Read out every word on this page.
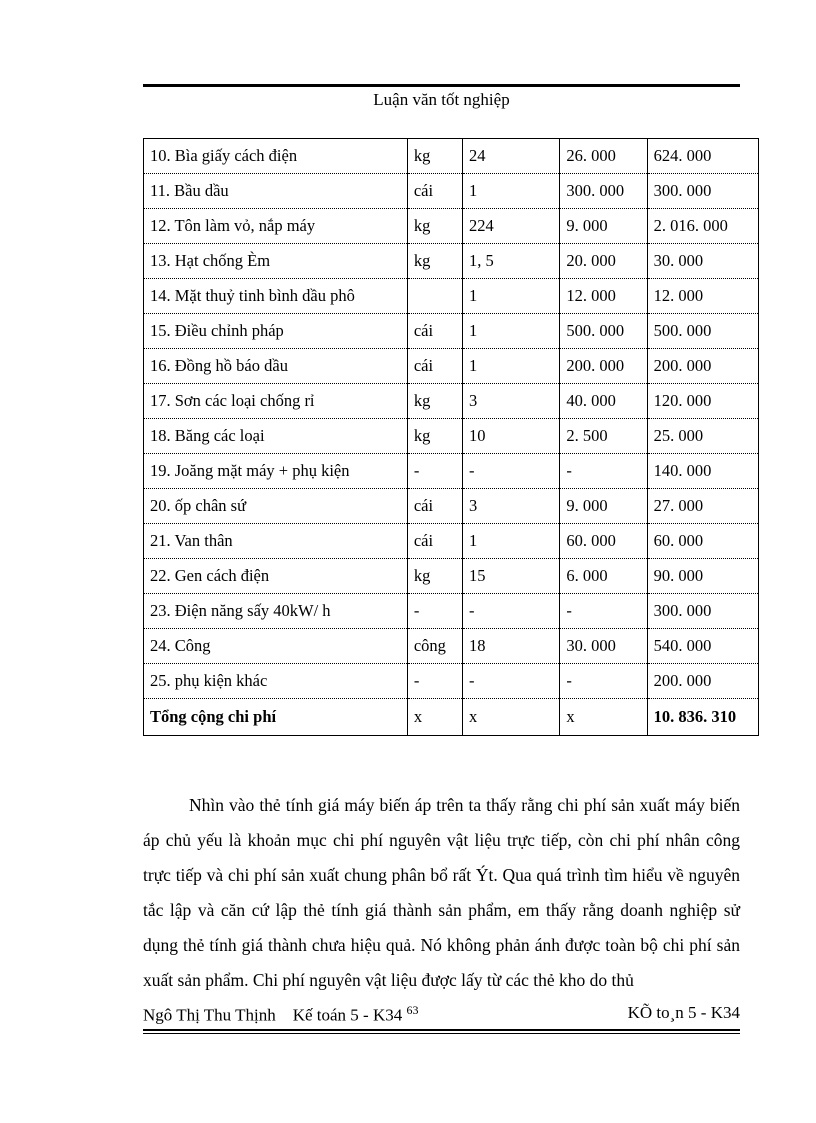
Luận văn tốt nghiệp
10. Bìa giấy cách điện	kg	24	26. 000	624. 000
11. Bầu dầu	cái	1	300. 000	300. 000
12. Tôn làm vỏ, nắp máy	kg	224	9. 000	2. 016. 000
13. Hạt chống Èm	kg	1, 5	20. 000	30. 000
14. Mặt thuỷ tinh bình dầu phô		1	12. 000	12. 000
15. Điều chỉnh pháp	cái	1	500. 000	500. 000
16. Đồng hồ báo dầu	cái	1	200. 000	200. 000
17. Sơn các loại chống rỉ	kg	3	40. 000	120. 000
18. Băng các loại	kg	10	2. 500	25. 000
19. Joăng mặt máy + phụ kiện	-	-	-	140. 000
20. ốp chân sứ	cái	3	9. 000	27. 000
21. Van thân	cái	1	60. 000	60. 000
22. Gen cách điện	kg	15	6. 000	90. 000
23. Điện năng sấy 40kW/ h	-	-	-	300. 000
24. Công	công	18	30. 000	540. 000
25. phụ kiện khác	-	-	-	200. 000
Tổng cộng chi phí	x	x	x	10. 836. 310

Nhìn vào thẻ tính giá máy biến áp trên ta thấy rằng chi phí sản xuất máy biến áp chủ yếu là khoản mục chi phí nguyên vật liệu trực tiếp, còn chi phí nhân công trực tiếp và chi phí sản xuất chung phân bổ rất Ýt. Qua quá trình tìm hiểu về nguyên tắc lập và căn cứ lập thẻ tính giá thành sản phẩm, em thấy rằng doanh nghiệp sử dụng thẻ tính giá thành chưa hiệu quả. Nó không phản ánh được toàn bộ chi phí sản xuất sản phẩm. Chi phí nguyên vật liệu được lấy từ các thẻ kho do thủ

Ngô Thị Thu Thịnh Kế toán 5 - K34 $^{63}$	KÕ to¸n 5 - K34
